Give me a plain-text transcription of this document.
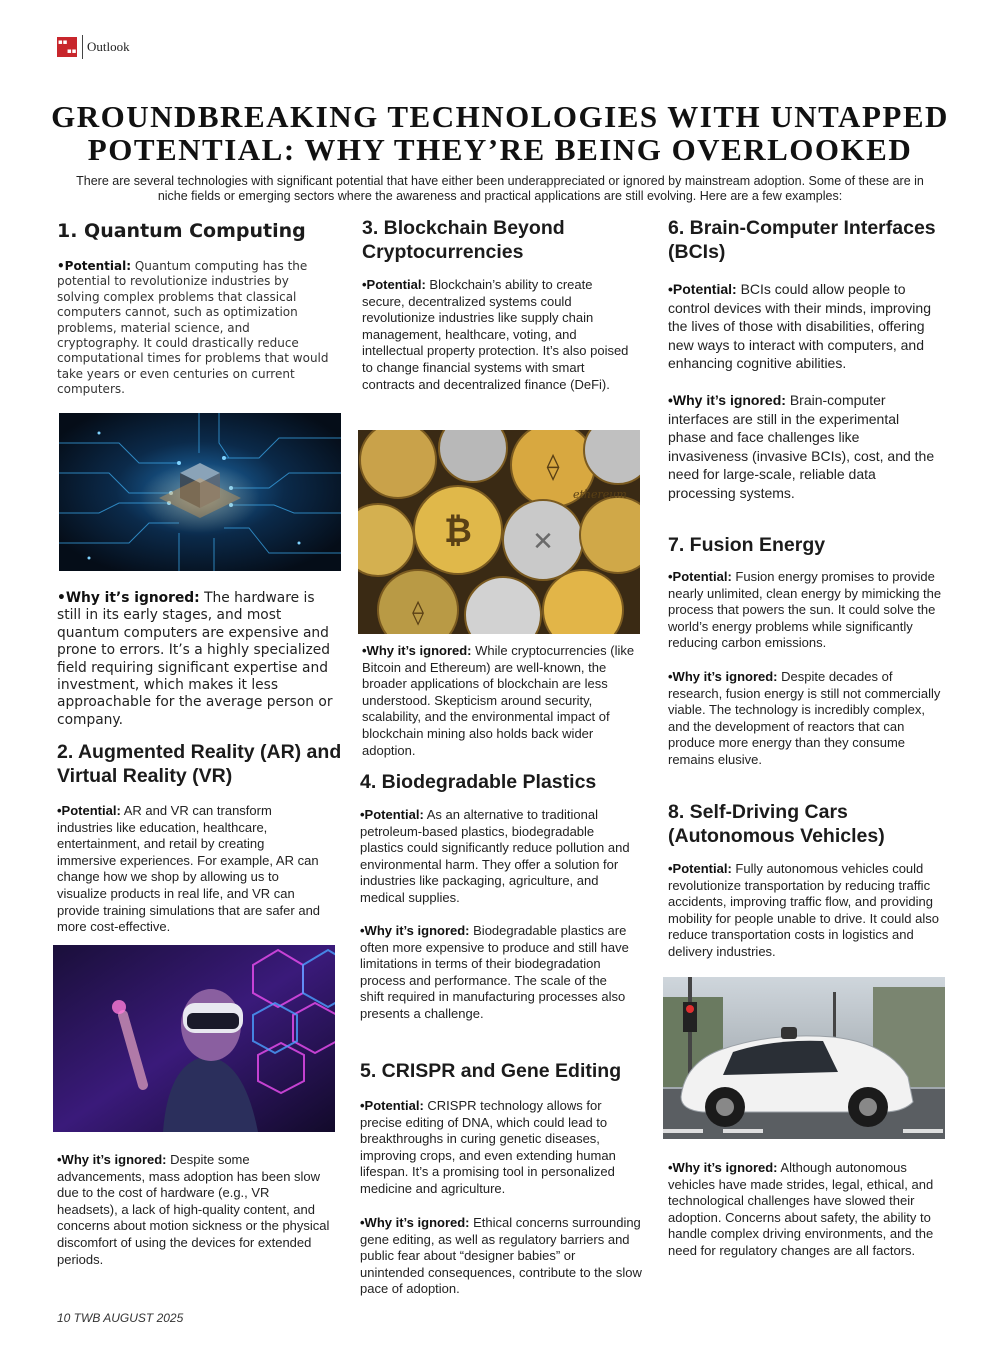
▪▪
▪▪ Outlook
GROUNDBREAKING TECHNOLOGIES WITH UNTAPPED
POTENTIAL: WHY THEY’RE BEING OVERLOOKED

There are several technologies with significant potential that have either been underappreciated or ignored by mainstream adoption. Some of these are in niche fields or emerging sectors where the awareness and practical applications are still evolving. Here are a few examples:

1. Quantum Computing

•Potential: Quantum computing has the potential to revolutionize industries by solving complex problems that classical computers cannot, such as optimization problems, material science, and cryptography. It could drastically reduce computational times for problems that would take years or even centuries on current computers.

•Why it’s ignored: The hardware is still in its early stages, and most quantum computers are expensive and prone to errors. It’s a highly specialized field requiring significant expertise and investment, which makes it less approachable for the average person or company.

2. Augmented Reality (AR) and Virtual Reality (VR)

•Potential: AR and VR can transform industries like education, healthcare, entertainment, and retail by creating immersive experiences. For example, AR can change how we shop by allowing us to visualize products in real life, and VR can provide training simulations that are safer and more cost-effective.

•Why it’s ignored: Despite some advancements, mass adoption has been slow due to the cost of hardware (e.g., VR headsets), a lack of high-quality content, and concerns about motion sickness or the physical discomfort of using the devices for extended periods.

3. Blockchain Beyond Cryptocurrencies

•Potential: Blockchain’s ability to create secure, decentralized systems could revolutionize industries like supply chain management, healthcare, voting, and intellectual property protection. It’s also poised to change financial systems with smart contracts and decentralized finance (DeFi).

₿
⟠
⟠
✕
ethereum

•Why it’s ignored: While cryptocurrencies (like Bitcoin and Ethereum) are well-known, the broader applications of blockchain are less understood. Skepticism around security, scalability, and the environmental impact of blockchain mining also holds back wider adoption.

4. Biodegradable Plastics

•Potential: As an alternative to traditional petroleum-based plastics, biodegradable plastics could significantly reduce pollution and environmental harm. They offer a solution for industries like packaging, agriculture, and medical supplies.

•Why it’s ignored: Biodegradable plastics are often more expensive to produce and still have limitations in terms of their biodegradation process and performance. The scale of the shift required in manufacturing processes also presents a challenge.

5. CRISPR and Gene Editing

•Potential: CRISPR technology allows for precise editing of DNA, which could lead to breakthroughs in curing genetic diseases, improving crops, and even extending human lifespan. It’s a promising tool in personalized medicine and agriculture.

•Why it’s ignored: Ethical concerns surrounding gene editing, as well as regulatory barriers and public fear about “designer babies” or unintended consequences, contribute to the slow pace of adoption.

6. Brain-Computer Interfaces (BCIs)

•Potential: BCIs could allow people to control devices with their minds, improving the lives of those with disabilities, offering new ways to interact with computers, and enhancing cognitive abilities.

•Why it’s ignored: Brain-computer interfaces are still in the experimental phase and face challenges like invasiveness (invasive BCIs), cost, and the need for large-scale, reliable data processing systems.

7. Fusion Energy

•Potential: Fusion energy promises to provide nearly unlimited, clean energy by mimicking the process that powers the sun. It could solve the world’s energy problems while significantly reducing carbon emissions.

•Why it’s ignored: Despite decades of research, fusion energy is still not commercially viable. The technology is incredibly complex, and the development of reactors that can produce more energy than they consume remains elusive.

8. Self-Driving Cars (Autonomous Vehicles)

•Potential: Fully autonomous vehicles could revolutionize transportation by reducing traffic accidents, improving traffic flow, and providing mobility for people unable to drive. It could also reduce transportation costs in logistics and delivery industries.

•Why it’s ignored: Although autonomous vehicles have made strides, legal, ethical, and technological challenges have slowed their adoption. Concerns about safety, the ability to handle complex driving environments, and the need for regulatory changes are all factors.

10 TWB AUGUST 2025
